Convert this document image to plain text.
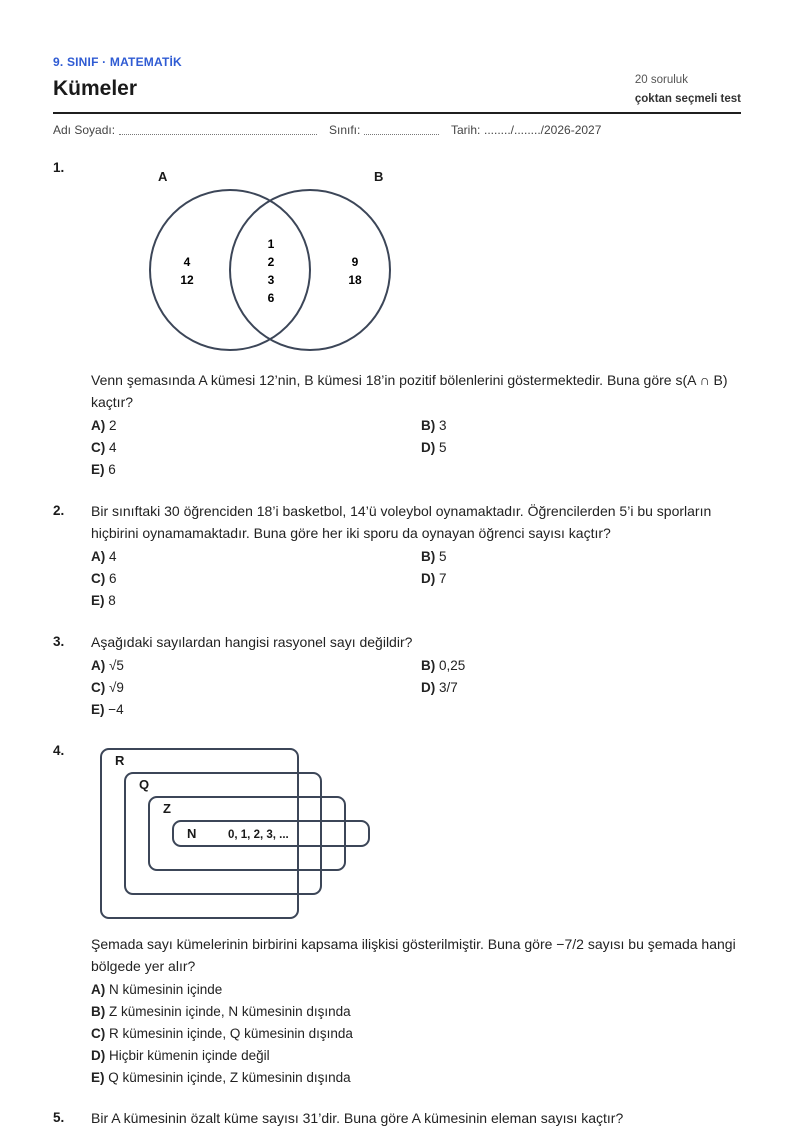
9. SINIF · MATEMATİK
Kümeler	20 soruluk
çoktan seçmeli test
Adı Soyadı:	Sınıfı:	Tarih: ......../......../2026-2027
1.
A	B
4
12
1
2
3
6
9
18
Venn şemasında A kümesi 12’nin, B kümesi 18’in pozitif bölenlerini göstermektedir. Buna göre s(A ∩ B) kaçtır?
A) 2	B) 3
C) 4	D) 5
E) 6
2. Bir sınıftaki 30 öğrenciden 18’i basketbol, 14’ü voleybol oynamaktadır. Öğrencilerden 5’i bu sporların hiçbirini oynamamaktadır. Buna göre her iki sporu da oynayan öğrenci sayısı kaçtır?
A) 4	B) 5
C) 6	D) 7
E) 8
3. Aşağıdaki sayılardan hangisi rasyonel sayı değildir?
A) √5	B) 0,25
C) √9	D) 3/7
E) −4
4.
R
Q
Z
N	0, 1, 2, 3, ...
Şemada sayı kümelerinin birbirini kapsama ilişkisi gösterilmiştir. Buna göre −7/2 sayısı bu şemada hangi bölgede yer alır?
A) N kümesinin içinde
B) Z kümesinin içinde, N kümesinin dışında
C) R kümesinin içinde, Q kümesinin dışında
D) Hiçbir kümenin içinde değil
E) Q kümesinin içinde, Z kümesinin dışında
5. Bir A kümesinin özalt küme sayısı 31’dir. Buna göre A kümesinin eleman sayısı kaçtır?
